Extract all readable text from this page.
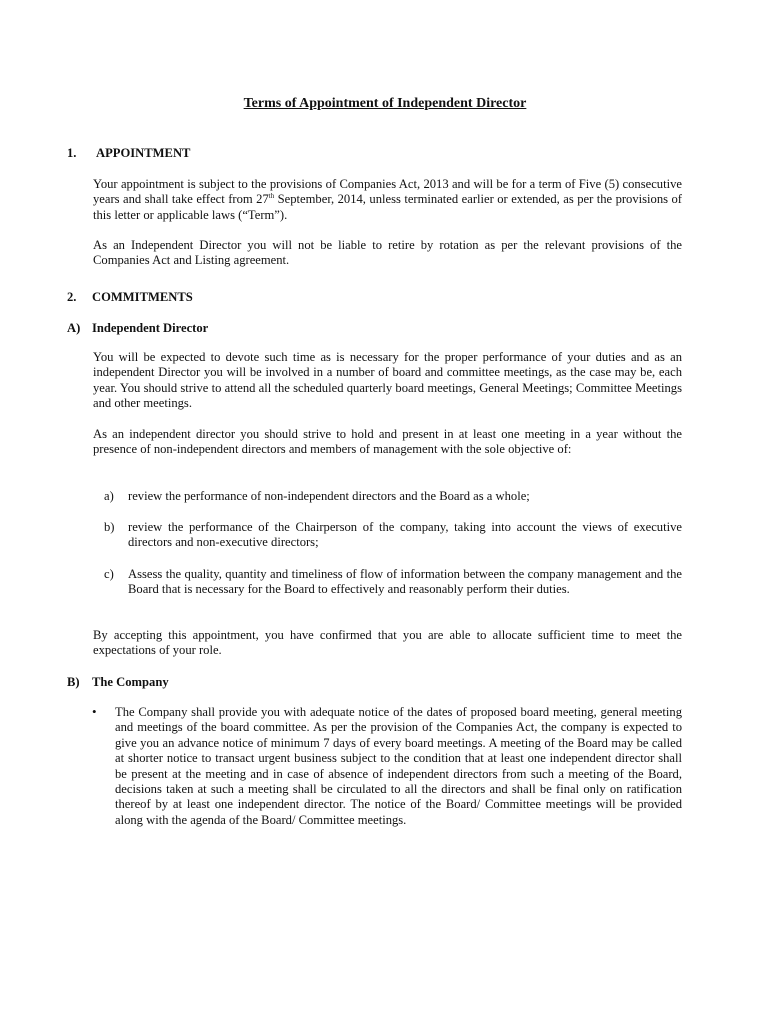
Terms of Appointment of Independent Director
1. APPOINTMENT

Your appointment is subject to the provisions of Companies Act, 2013 and will be for a term of Five (5) consecutive years and shall take effect from 27th September, 2014, unless terminated earlier or extended, as per the provisions of this letter or applicable laws (“Term”).

As an Independent Director you will not be liable to retire by rotation as per the relevant provisions of the Companies Act and Listing agreement.

2. COMMITMENTS
A) Independent Director

You will be expected to devote such time as is necessary for the proper performance of your duties and as an independent Director you will be involved in a number of board and committee meetings, as the case may be, each year. You should strive to attend all the scheduled quarterly board meetings, General Meetings; Committee Meetings and other meetings.

As an independent director you should strive to hold and present in at least one meeting in a year without the presence of non-independent directors and members of management with the sole objective of:

a) review the performance of non-independent directors and the Board as a whole;

b) review the performance of the Chairperson of the company, taking into account the views of executive directors and non-executive directors;

c) Assess the quality, quantity and timeliness of flow of information between the company management and the Board that is necessary for the Board to effectively and reasonably perform their duties.

By accepting this appointment, you have confirmed that you are able to allocate sufficient time to meet the expectations of your role.

B) The Company
• The Company shall provide you with adequate notice of the dates of proposed board meeting, general meeting and meetings of the board committee. As per the provision of the Companies Act, the company is expected to give you an advance notice of minimum 7 days of every board meetings. A meeting of the Board may be called at shorter notice to transact urgent business subject to the condition that at least one independent director shall be present at the meeting and in case of absence of independent directors from such a meeting of the Board, decisions taken at such a meeting shall be circulated to all the directors and shall be final only on ratification thereof by at least one independent director. The notice of the Board/ Committee meetings will be provided along with the agenda of the Board/ Committee meetings.
